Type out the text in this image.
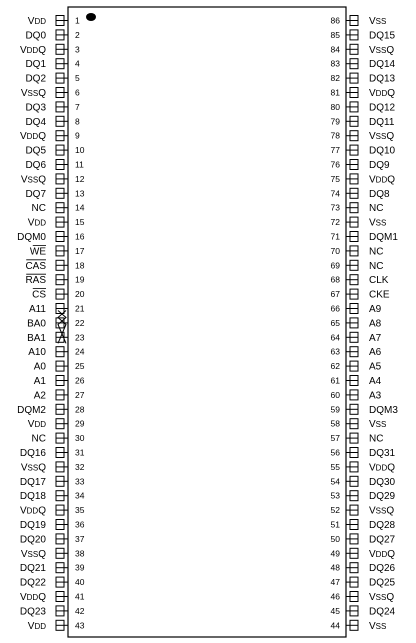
VDD	1
DQ0	2
VDDQ	3
DQ1	4
DQ2	5
VSSQ	6
DQ3	7
DQ4	8
VDDQ	9
DQ5	10
DQ6	11
VSSQ	12
DQ7	13
NC	14
VDD	15
DQM0	16
WE	17
CAS	18
RAS	19
CS	20
A11	21
BA0	22
BA1	23
A10	24
A0	25
A1	26
A2	27
DQM2	28
VDD	29
NC	30
DQ16	31
VSSQ	32
DQ17	33
DQ18	34
VDDQ	35
DQ19	36
DQ20	37
VSSQ	38
DQ21	39
DQ22	40
VDDQ	41
DQ23	42
VDD	43
86	VSS
85	DQ15
84	VSSQ
83	DQ14
82	DQ13
81	VDDQ
80	DQ12
79	DQ11
78	VSSQ
77	DQ10
76	DQ9
75	VDDQ
74	DQ8
73	NC
72	VSS
71	DQM1
70	NC
69	NC
68	CLK
67	CKE
66	A9
65	A8
64	A7
63	A6
62	A5
61	A4
60	A3
59	DQM3
58	VSS
57	NC
56	DQ31
55	VDDQ
54	DQ30
53	DQ29
52	VSSQ
51	DQ28
50	DQ27
49	VDDQ
48	DQ26
47	DQ25
46	VSSQ
45	DQ24
44	VSS
